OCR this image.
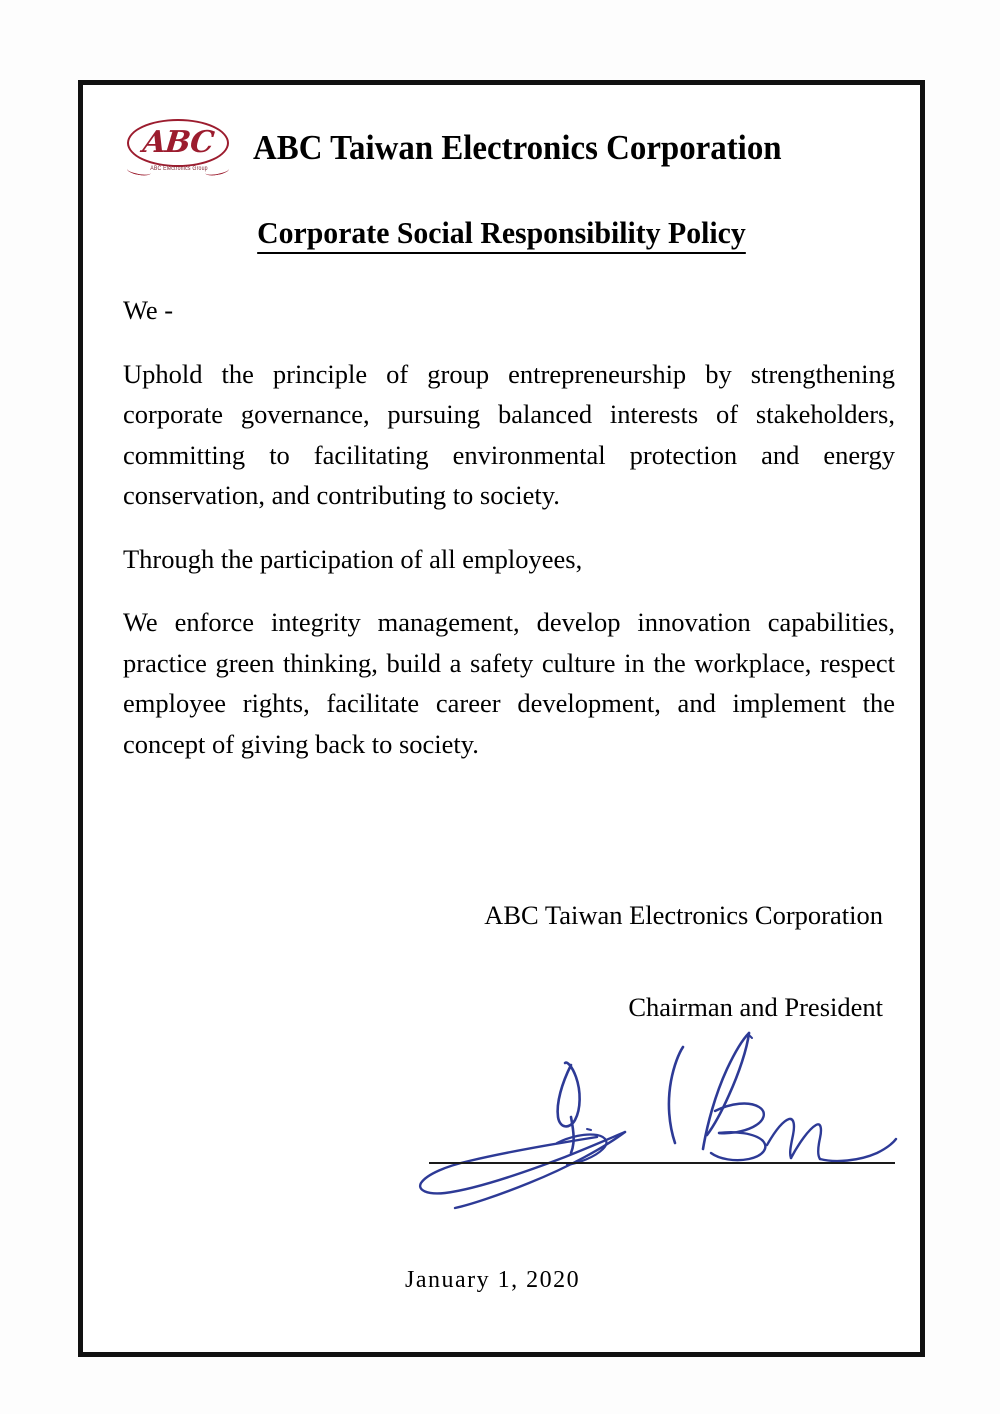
ABC
ABC Electronics Group
ABC Taiwan Electronics Corporation
Corporate Social Responsibility Policy

We -

Uphold the principle of group entrepreneurship by strengthening corporate governance, pursuing balanced interests of stakeholders, committing to facilitating environmental protection and energy conservation, and contributing to society.

Through the participation of all employees,

We enforce integrity management, develop innovation capabilities, practice green thinking, build a safety culture in the workplace, respect employee rights, facilitate career development, and implement the concept of giving back to society.

ABC Taiwan Electronics Corporation
Chairman and President
January 1, 2020
